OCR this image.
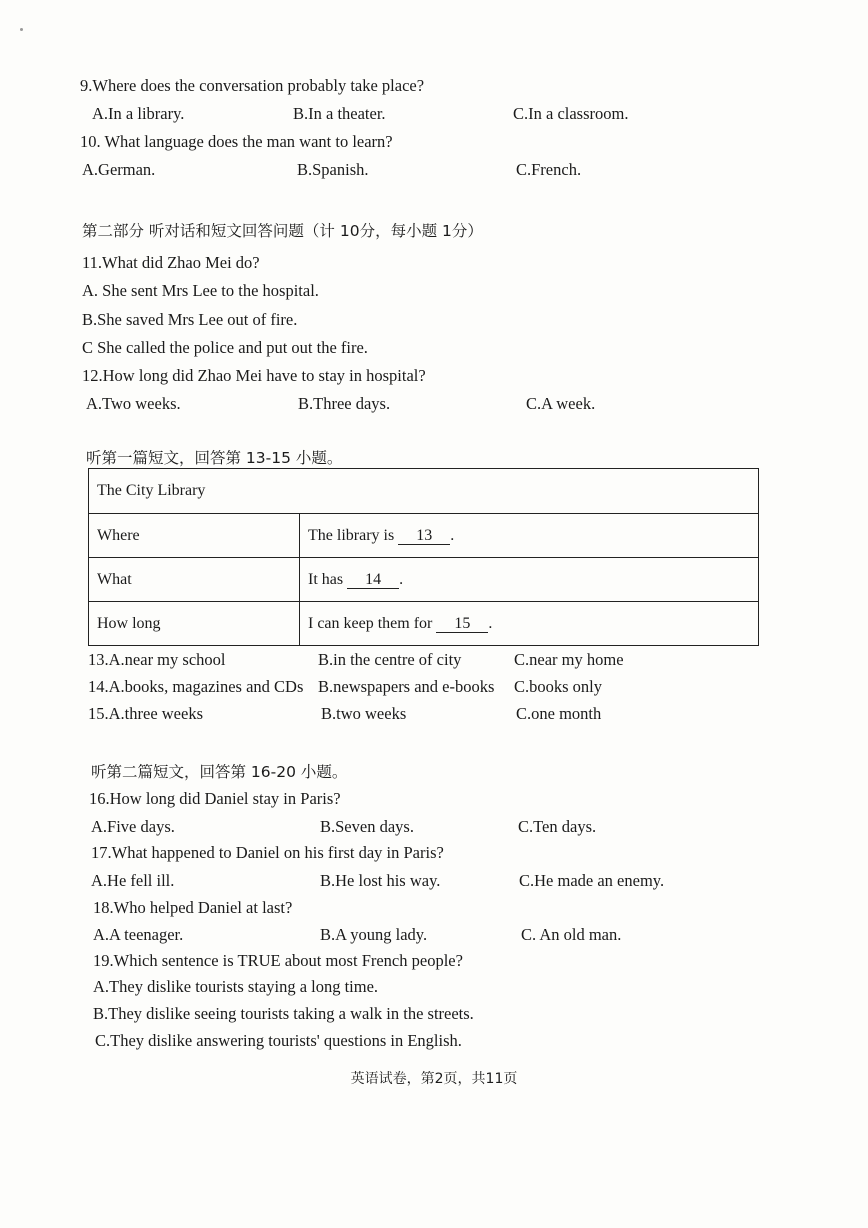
9.Where does the conversation probably take place?
A.In a library.	B.In a theater.	C.In a classroom.
10. What language does the man want to learn?
A.German.	B.Spanish.	C.French.
第二部分 听对话和短文回答问题（计 10分，每小题 1分）
11.What did Zhao Mei do?
A. She sent Mrs Lee to the hospital.
B.She saved Mrs Lee out of fire.
C She called the police and put out the fire.
12.How long did Zhao Mei have to stay in hospital?
A.Two weeks.	B.Three days.	C.A week.
听第一篇短文，回答第 13-15 小题。
The City Library	
Where	The library is 13 .
What	It has 14 .
How long	I can keep them for 15 .
13.A.near my school	B.in the centre of city	C.near my home
14.A.books, magazines and CDs B.newspapers and e-books C.books only
15.A.three weeks	B.two weeks	C.one month
听第二篇短文，回答第 16-20 小题。
16.How long did Daniel stay in Paris?
A.Five days.	B.Seven days.	C.Ten days.
17.What happened to Daniel on his first day in Paris?
A.He fell ill.	B.He lost his way.	C.He made an enemy.
18.Who helped Daniel at last?
A.A teenager.	B.A young lady.	C. An old man.
19.Which sentence is TRUE about most French people?
A.They dislike tourists staying a long time.
B.They dislike seeing tourists taking a walk in the streets.
C.They dislike answering tourists' questions in English.
英语试卷，第2页，共11页
